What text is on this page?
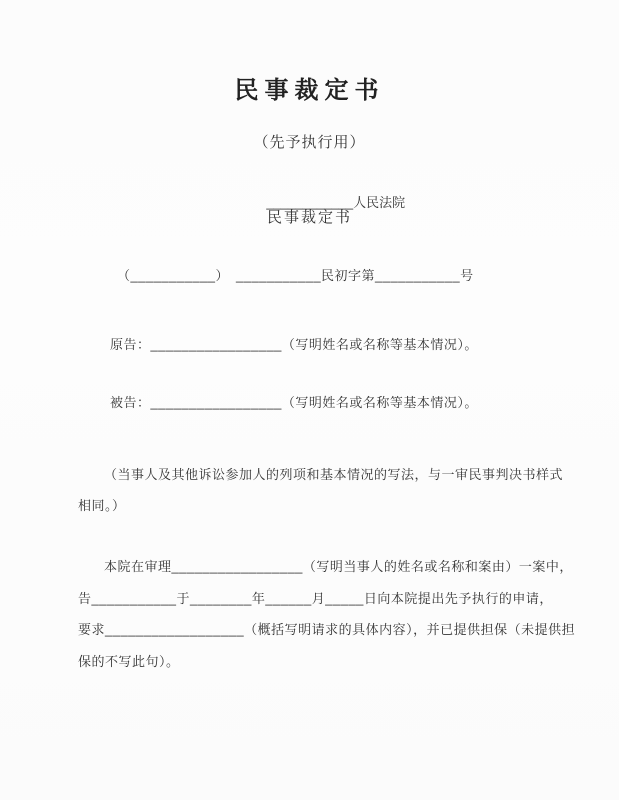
民事裁定书
（先予执行用）

____________人民法院

民事裁定书
（___________）　___________民初字第___________号
原告：_________________（写明姓名或名称等基本情况）。
被告：_________________（写明姓名或名称等基本情况）。
（当事人及其他诉讼参加人的列项和基本情况的写法，与一审民事判决书样式
相同。）
本院在审理_________________（写明当事人的姓名或名称和案由）一案中，
告___________于________年______月_____日向本院提出先予执行的申请，
要求__________________（概括写明请求的具体内容），并已提供担保（未提供担
保的不写此句）。
